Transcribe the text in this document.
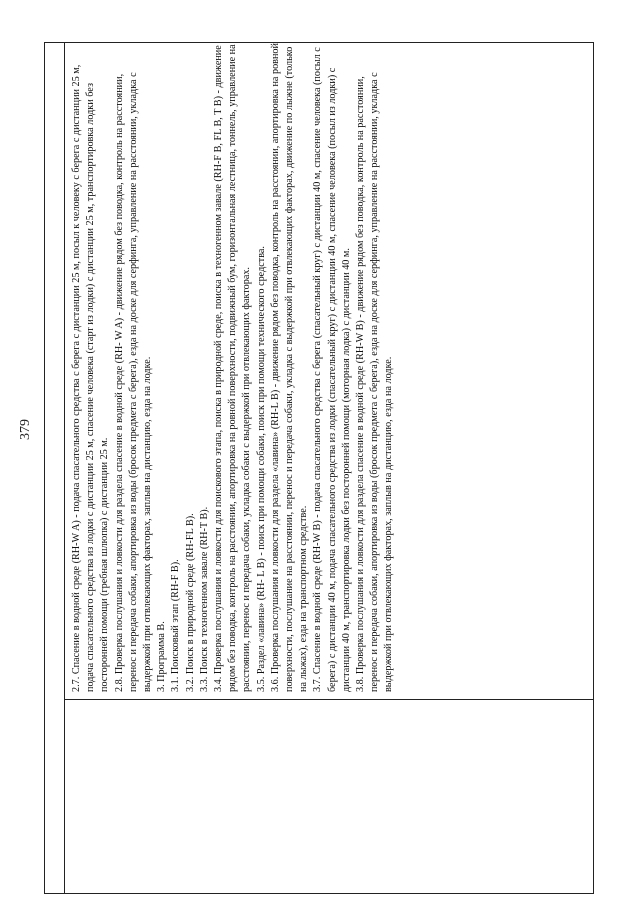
379	2.7. Спасение в водной среде (RH-W A) - подача спасательного средства с берега с дистанции 25 м, посыл к человеку с берега с дистанции 25 м, подача спасательного средства из лодки с дистанции 25 м, спасение человека (старт из лодки) с дистанции 25 м, транспортировка лодки без посторонней помощи (гребная шлюпка) с дистанции 25 м. 2.8. Проверка послушания и ловкости для раздела спасение в водной среде (RH- W A) - движение рядом без поводка, контроль на расстоянии, перенос и передача собаки, апортировка из воды (бросок предмета с берега), езда на доске для серфинга, управление на расстоянии, укладка с выдержкой при отвлекающих факторах, заплыв на дистанцию, езда на лодке. 3. Программа В. 3.1. Поисковый этап (RH-F B). 3.2. Поиск в природной среде (RH-FL B). 3.3. Поиск в техногенном завале (RH-T B). 3.4. Проверка послушания и ловкости для поискового этапа, поиска в природной среде, поиска в техногенном завале (RH-F B, FL B, T B) - движение рядом без поводка, контроль на расстоянии, апортировка на ровной поверхности, подвижный бум, горизонтальная лестница, тоннель, управление на расстоянии, перенос и передача собаки, укладка собаки с выдержкой при отвлекающих факторах. 3.5. Раздел «лавина» (RH- L B) - поиск при помощи собаки, поиск при помощи технического средства. 3.6. Проверка послушания и ловкости для раздела «лавина» (RH-L B) - движение рядом без поводка, контроль на расстоянии, апортировка на ровной поверхности, послушание на расстоянии, перенос и передача собаки, укладка с выдержкой при отвлекающих факторах, движение по лыжне (только на лыжах), езда на транспортном средстве. 3.7. Спасение в водной среде (RH-W B) - подача спасательного средства с берега (спасательный круг) с дистанции 40 м, спасение человека (посыл с берега) с дистанции 40 м, подача спасательного средства из лодки (спасательный круг) с дистанции 40 м, спасение человека (посыл из лодки) с дистанции 40 м, транспортировка лодки без посторонней помощи (моторная лодка) с дистанции 40 м. 3.8. Проверка послушания и ловкости для раздела спасение в водной среде (RH-W B) - движение рядом без поводка, контроль на расстоянии, перенос и передача собаки, апортировка из воды (бросок предмета с берега), езда на доске для серфинга, управление на расстоянии, укладка с выдержкой при отвлекающих факторах, заплыв на дистанцию, езда на лодке.
